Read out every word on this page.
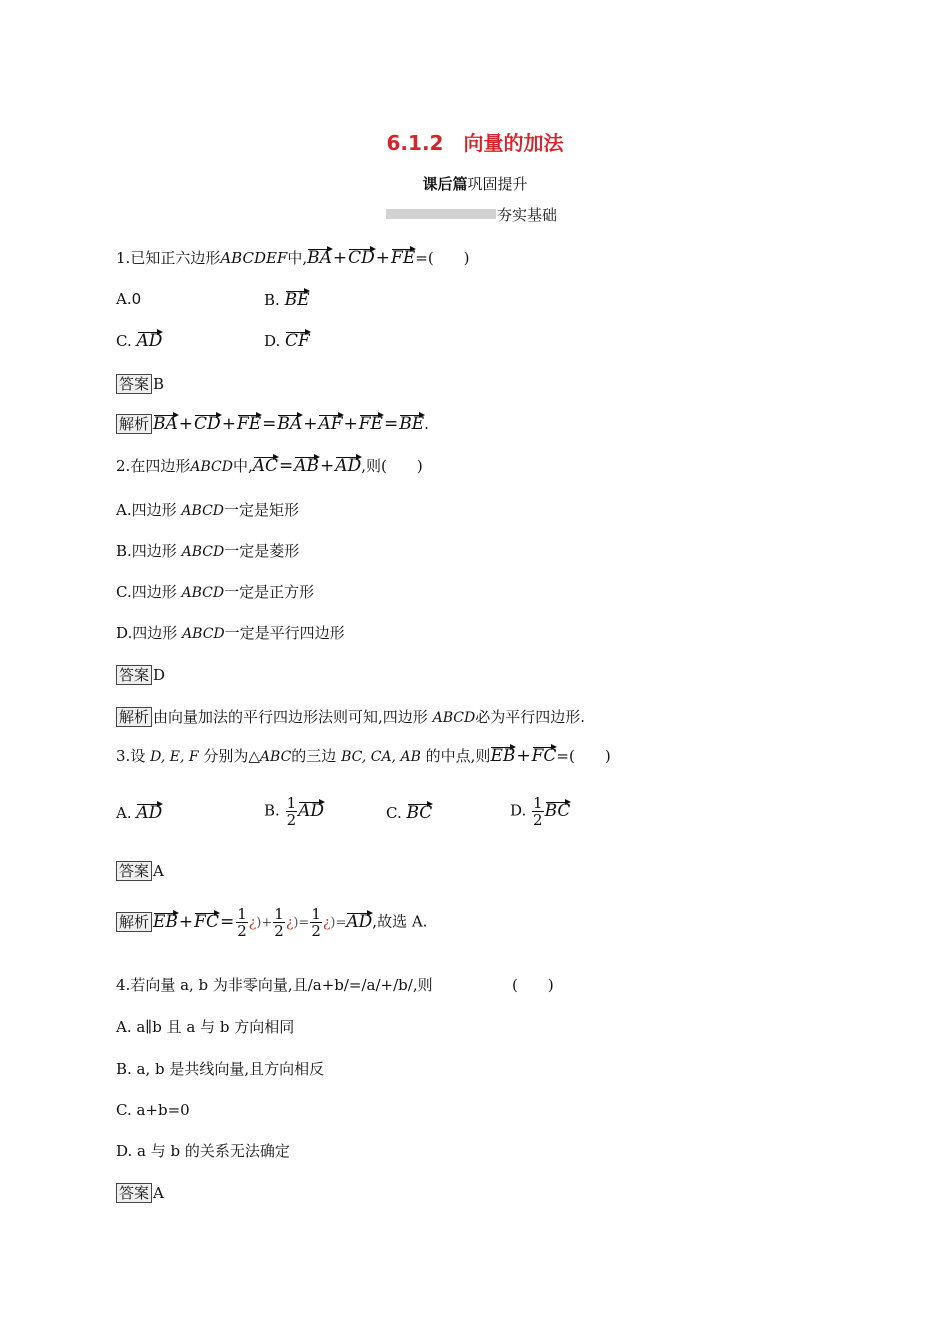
6.1.2　向量的加法
课后篇巩固提升
夯实基础
1.已知正六边形ABCDEF中,BA+CD+FE=(　　)
A.0	B. BE
C. AD	D. CF
答案 B
解析 BA+CD+FE=BA+AF+FE=BE.
2.在四边形ABCD中,AC=AB+AD,则(　　)
A.四边形 ABCD一定是矩形
B.四边形 ABCD一定是菱形
C.四边形 ABCD一定是正方形
D.四边形 ABCD一定是平行四边形
答案 D
解析 由向量加法的平行四边形法则可知,四边形 ABCD必为平行四边形.
3.设 D, E, F 分别为△ABC的三边 BC, CA, AB 的中点,则EB+FC=(　　)
A. AD	B. $\frac{1}{2}$ AD	C. BC	D. $\frac{1}{2}$ BC
答案 A
解析 $EB+FC= \frac{1}{2}$ ¿)+ $\frac{1}{2}$ ¿)= $\frac{1}{2}$ ¿)=AD,故选 A.
4.若向量 a, b 为非零向量,且/a+b/=/a/+/b/,则	(　　)
A. a∥b 且 a 与 b 方向相同
B. a, b 是共线向量,且方向相反
C. a+b=0
D. a 与 b 的关系无法确定
答案 A
